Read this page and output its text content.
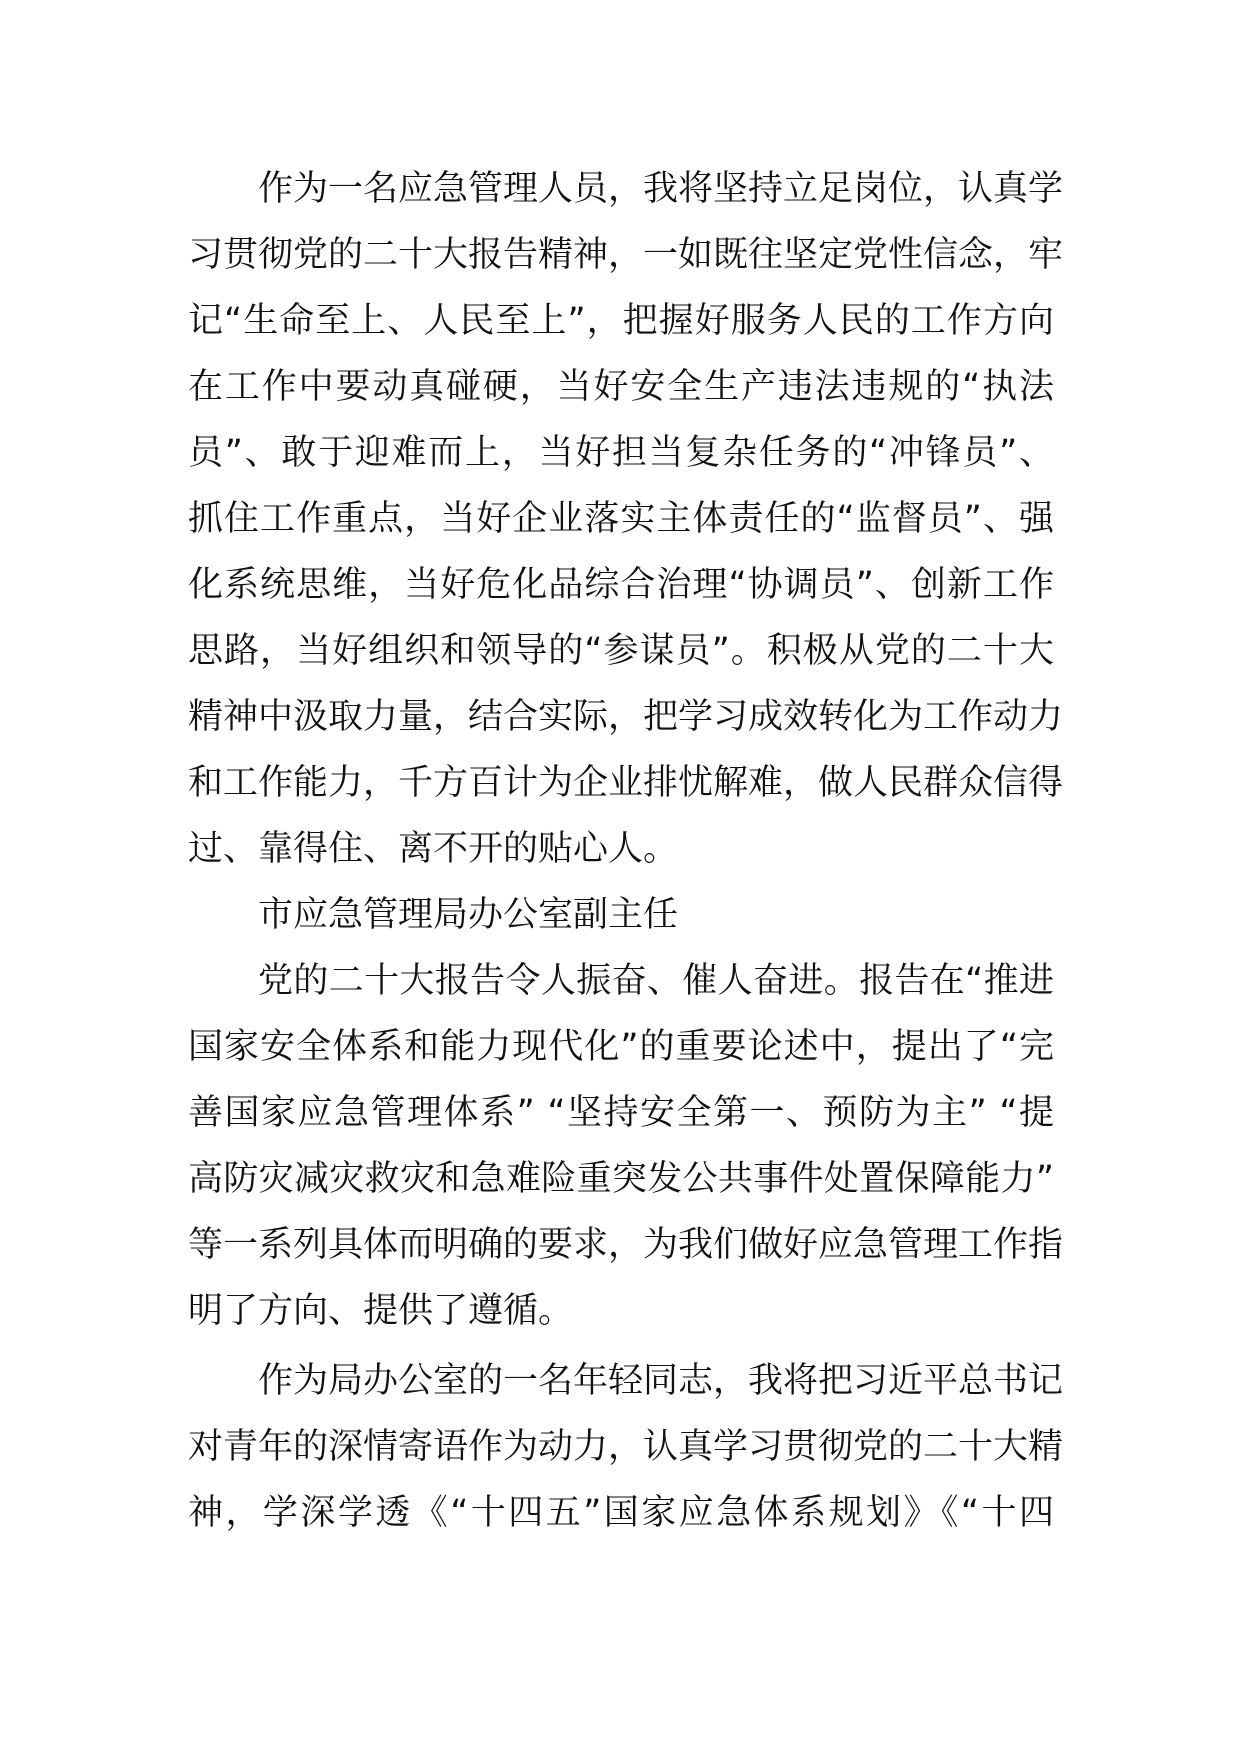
作为一名应急管理人员，我将坚持立足岗位，认真学
习贯彻党的二十大报告精神，一如既往坚定党性信念，牢
记“生命至上、人民至上”，把握好服务人民的工作方向
在工作中要动真碰硬，当好安全生产违法违规的“执法
员”、敢于迎难而上，当好担当复杂任务的“冲锋员”、
抓住工作重点，当好企业落实主体责任的“监督员”、强
化系统思维，当好危化品综合治理“协调员”、创新工作
思路，当好组织和领导的“参谋员”。积极从党的二十大
精神中汲取力量，结合实际，把学习成效转化为工作动力
和工作能力，千方百计为企业排忧解难，做人民群众信得
过、靠得住、离不开的贴心人。
市应急管理局办公室副主任
党的二十大报告令人振奋、催人奋进。报告在“推进
国家安全体系和能力现代化”的重要论述中，提出了“完
善国家应急管理体系” “坚持安全第一、预防为主” “提
高防灾减灾救灾和急难险重突发公共事件处置保障能力”
等一系列具体而明确的要求，为我们做好应急管理工作指
明了方向、提供了遵循。
作为局办公室的一名年轻同志，我将把习近平总书记
对青年的深情寄语作为动力，认真学习贯彻党的二十大精
神，学深学透《“十四五”国家应急体系规划》《“十四
